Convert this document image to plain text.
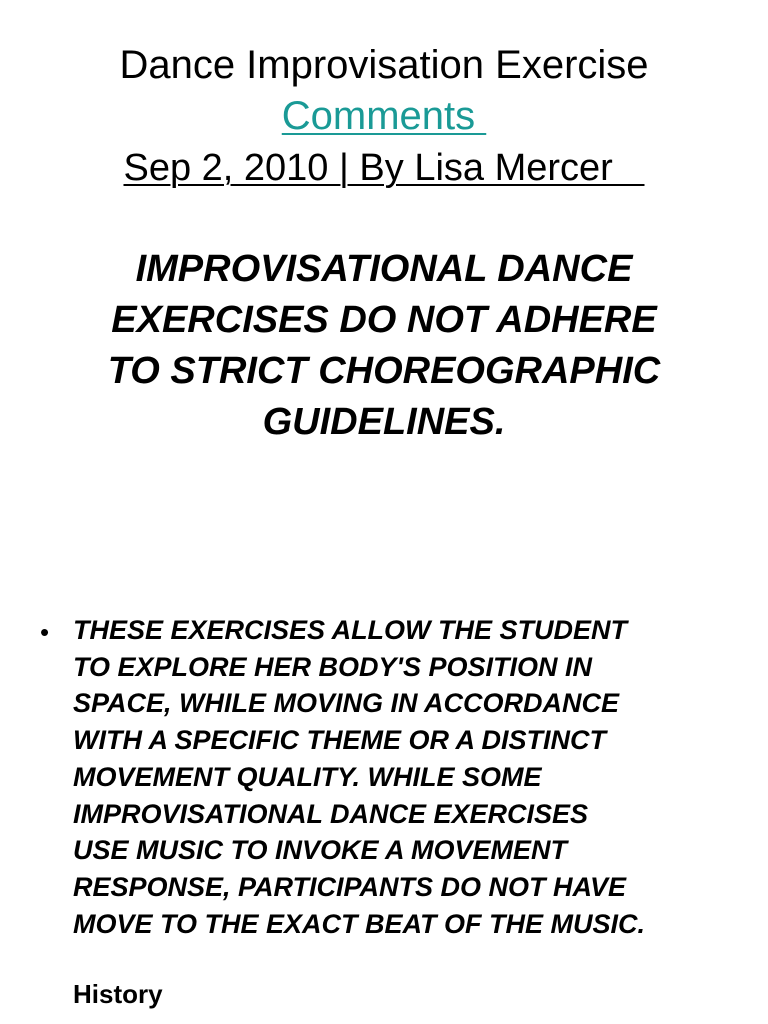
Dance Improvisation Exercise
Comments
Sep 2, 2010 | By Lisa Mercer
IMPROVISATIONAL DANCE
EXERCISES DO NOT ADHERE
TO STRICT CHOREOGRAPHIC
GUIDELINES.
• THESE EXERCISES ALLOW THE STUDENT
TO EXPLORE HER BODY'S POSITION IN
SPACE, WHILE MOVING IN ACCORDANCE
WITH A SPECIFIC THEME OR A DISTINCT
MOVEMENT QUALITY. WHILE SOME
IMPROVISATIONAL DANCE EXERCISES
USE MUSIC TO INVOKE A MOVEMENT
RESPONSE, PARTICIPANTS DO NOT HAVE
MOVE TO THE EXACT BEAT OF THE MUSIC.
History
